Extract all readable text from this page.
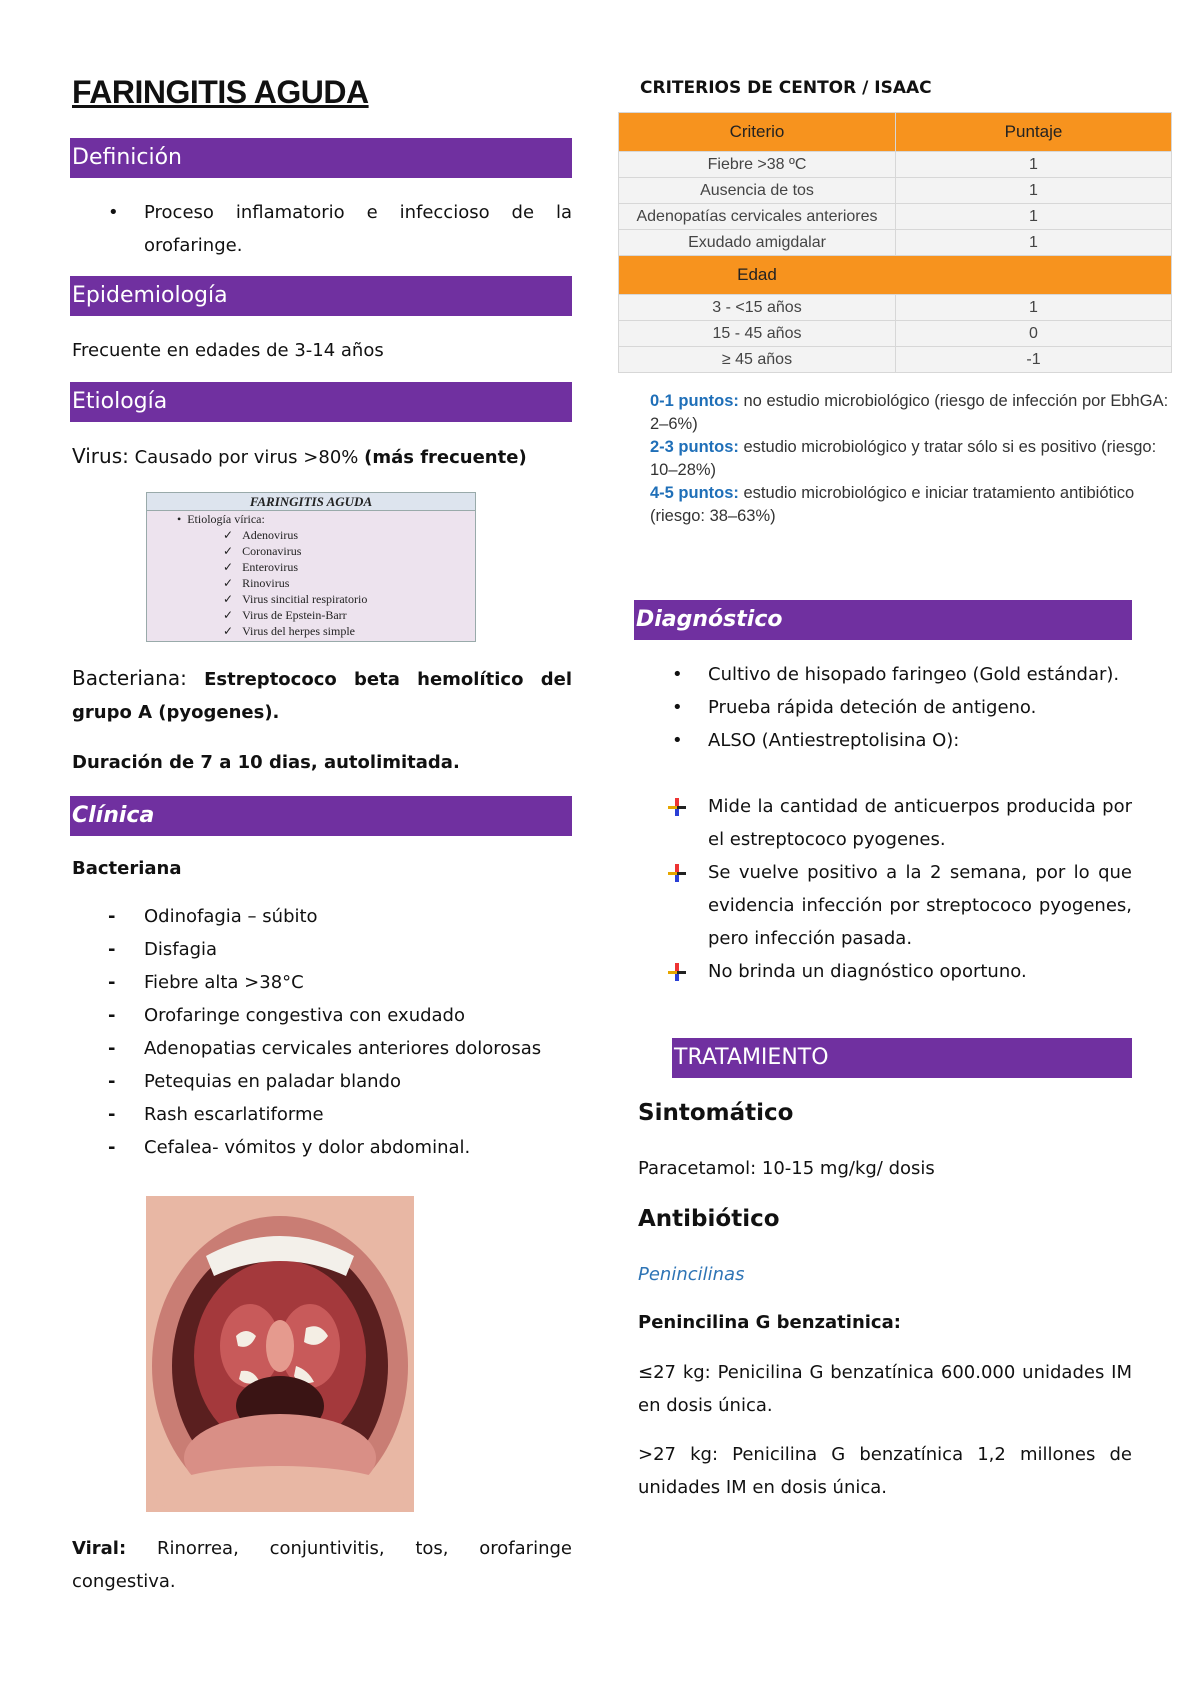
FARINGITIS AGUDA
Definición
• Proceso inflamatorio e infeccioso de la orofaringe.
Epidemiología
Frecuente en edades de 3-14 años
Etiología
Virus: Causado por virus >80% (más frecuente)
FARINGITIS AGUDA
•  Etiología vírica:
✓   Adenovirus
✓   Coronavirus
✓   Enterovirus
✓   Rinovirus
✓   Virus sincitial respiratorio
✓   Virus de Epstein-Barr
✓   Virus del herpes simple
Bacteriana: Estreptococo beta hemolítico del grupo A (pyogenes).
Duración de 7 a 10 dias, autolimitada.
Clínica
Bacteriana
- Odinofagia – súbito
- Disfagia
- Fiebre alta >38°C
- Orofaringe congestiva con exudado
- Adenopatias cervicales anteriores dolorosas
- Petequias en paladar blando
- Rash escarlatiforme
- Cefalea- vómitos y dolor abdominal.
Viral: Rinorrea, conjuntivitis, tos, orofaringe congestiva.
CRITERIOS DE CENTOR / ISAAC
Criterio	Puntaje
Fiebre >38 ºC	1
Ausencia de tos	1
Adenopatías cervicales anteriores	1
Exudado amigdalar	1
Edad	
3 - <15 años	1
15 - 45 años	0
≥ 45 años	-1
0-1 puntos: no estudio microbiológico (riesgo de infección por EbhGA: 2–6%)
2-3 puntos: estudio microbiológico y tratar sólo si es positivo (riesgo: 10–28%)
4-5 puntos: estudio microbiológico e iniciar tratamiento antibiótico (riesgo: 38–63%)
Diagnóstico
• Cultivo de hisopado faringeo (Gold estándar).
• Prueba rápida deteción de antigeno.
• ALSO (Antiestreptolisina O):
Mide la cantidad de anticuerpos producida por el estreptococo pyogenes.
Se vuelve positivo a la 2 semana, por lo que evidencia infección por streptococo pyogenes, pero infección pasada.
No brinda un diagnóstico oportuno.
TRATAMIENTO
Sintomático
Paracetamol: 10-15 mg/kg/ dosis
Antibiótico
Penincilinas
Penincilina G benzatinica:
≤27 kg: Penicilina G benzatínica 600.000 unidades IM en dosis única.
>27 kg: Penicilina G benzatínica 1,2 millones de unidades IM en dosis única.
